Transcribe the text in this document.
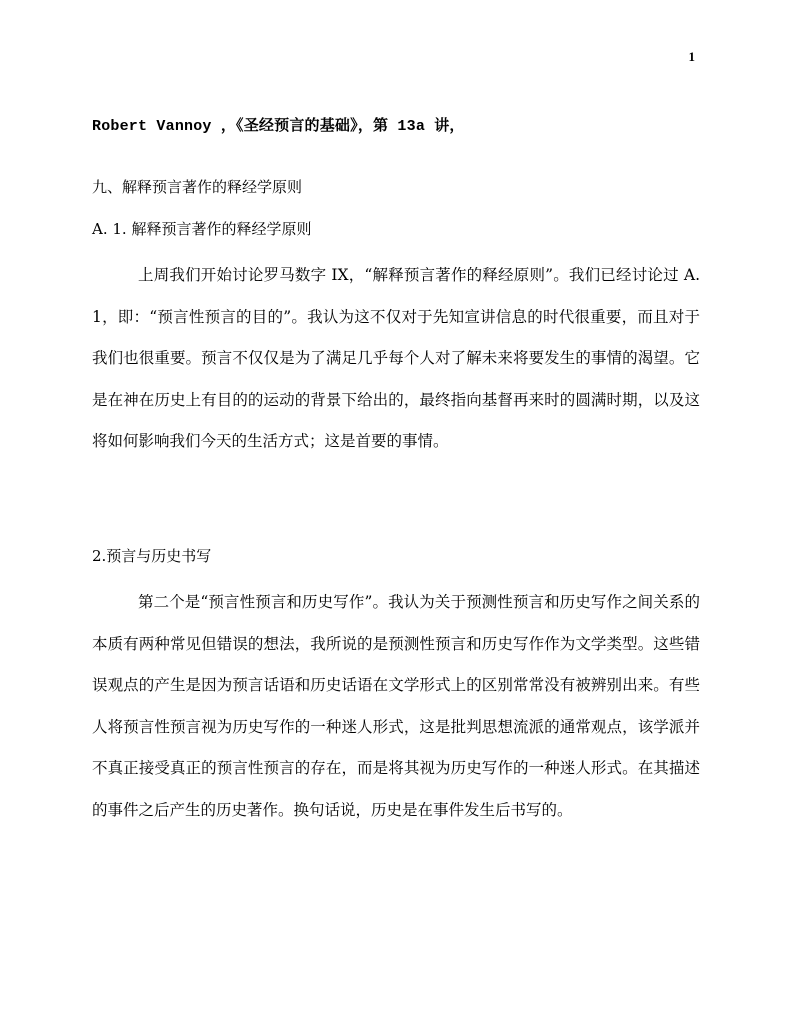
1
Robert Vannoy ，《圣经预言的基础》，第 13a 讲，
九、解释预言著作的释经学原则
A. 1. 解释预言著作的释经学原则

上周我们开始讨论罗马数字 IX，“解释预言著作的释经原则”。我们已经讨论过 A.1，即：“预言性预言的目的”。我认为这不仅对于先知宣讲信息的时代很重要，而且对于我们也很重要。预言不仅仅是为了满足几乎每个人对了解未来将要发生的事情的渴望。它是在神在历史上有目的的运动的背景下给出的，最终指向基督再来时的圆满时期，以及这将如何影响我们今天的生活方式；这是首要的事情。

2.预言与历史书写

第二个是“预言性预言和历史写作”。我认为关于预测性预言和历史写作之间关系的本质有两种常见但错误的想法，我所说的是预测性预言和历史写作作为文学类型。这些错误观点的产生是因为预言话语和历史话语在文学形式上的区别常常没有被辨别出来。有些人将预言性预言视为历史写作的一种迷人形式，这是批判思想流派的通常观点，该学派并不真正接受真正的预言性预言的存在，而是将其视为历史写作的一种迷人形式。在其描述的事件之后产生的历史著作。换句话说，历史是在事件发生后书写的。
